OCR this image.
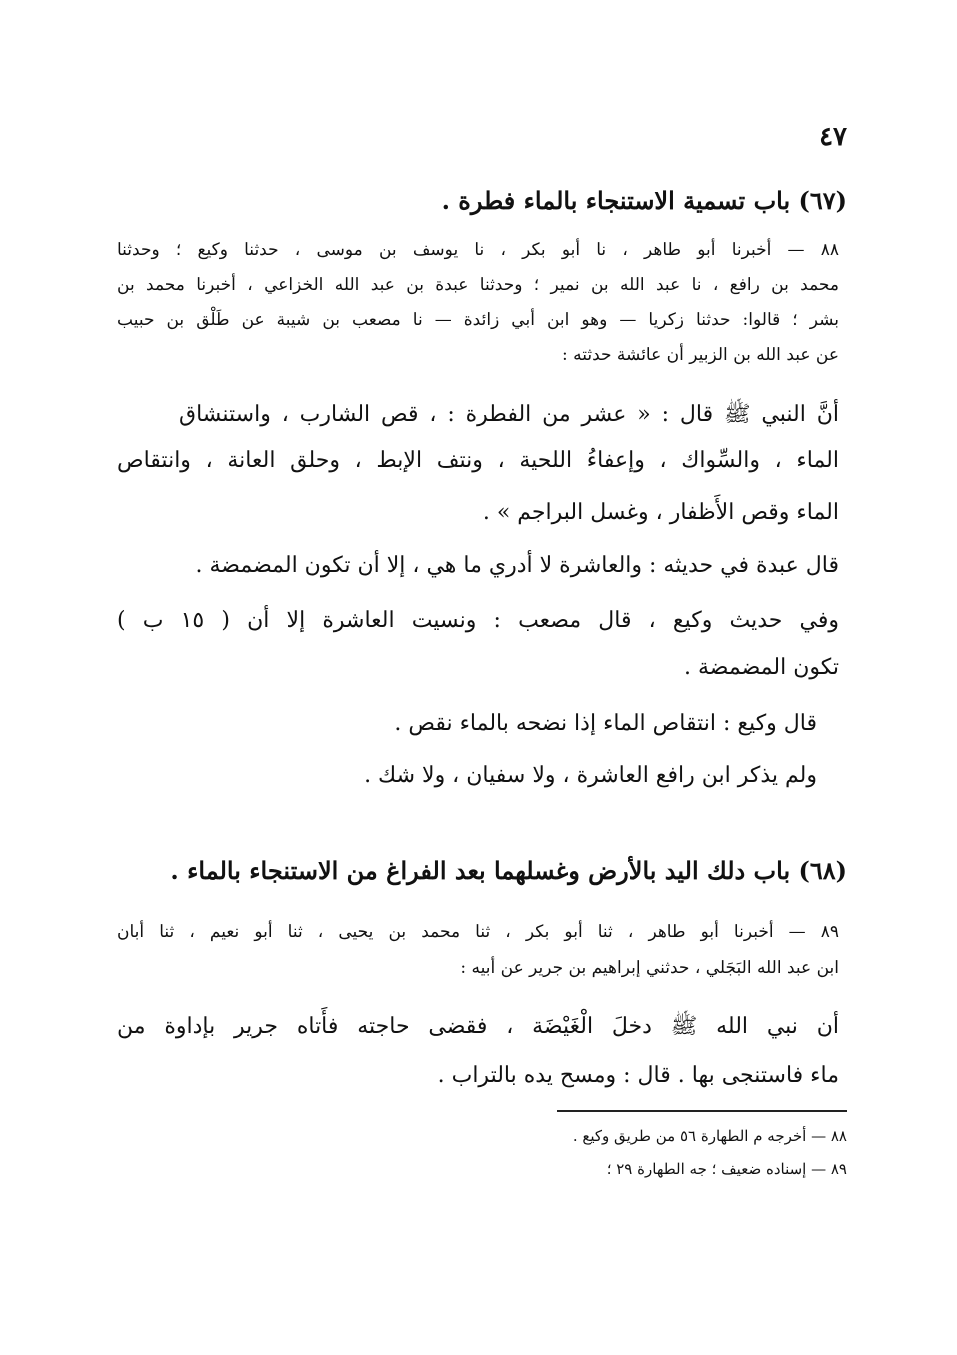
٤٧
(٦٧) باب تسمية الاستنجاء بالماء فطرة .
٨٨ — أخبرنا أبو طاهر ، نا أبو بكر ، نا يوسف بن موسى ، حدثنا وكيع ؛ وحدثنا
محمد بن رافع ، نا عبد الله بن نمير ؛ وحدثنا عبدة بن عبد الله الخزاعي ، أخبرنا محمد بن
بشر ؛ قالوا: حدثنا زكريا — وهو ابن أبي زائدة — نا مصعب بن شيبة عن طَلْق بن حبيب
عن عبد الله بن الزبير أن عائشة حدثته :
أنَّ النبي ﷺ قال : « عشر من الفطرة : ، قص الشارب ، واستنشاق
الماء ، والسِّواك ، وإعفاءُ اللحية ، ونتف الإبط ، وحلق العانة ، وانتقاص
الماء وقص الأَظفار ، وغسل البراجم » .
قال عبدة في حديثه : والعاشرة لا أدري ما هي ، إلا أن تكون المضمضة .
وفي حديث وكيع ، قال مصعب : ونسيت العاشرة إلا أن ( ١٥ ب )
تكون المضمضة .
قال وكيع : انتقاص الماء إذا نضحه بالماء نقص .
ولم يذكر ابن رافع العاشرة ، ولا سفيان ، ولا شك .
(٦٨) باب دلك اليد بالأرض وغسلهما بعد الفراغ من الاستنجاء بالماء .
٨٩ — أخبرنا أبو طاهر ، ثنا أبو بكر ، ثنا محمد بن يحيى ، ثنا أبو نعيم ، ثنا أبان
ابن عبد الله البَجَلي ، حدثني إبراهيم بن جرير عن أبيه :
أن نبي الله ﷺ دخلَ الْغَيْضَة ، فقضى حاجته فأَتاه جرير بإداوة من
ماء فاستنجى بها . قال : ومسح يده بالتراب .
٨٨ — أخرجه م الطهارة ٥٦ من طريق وكيع .
٨٩ — إسناده ضعيف ؛ جه الطهارة ٢٩ ؛
